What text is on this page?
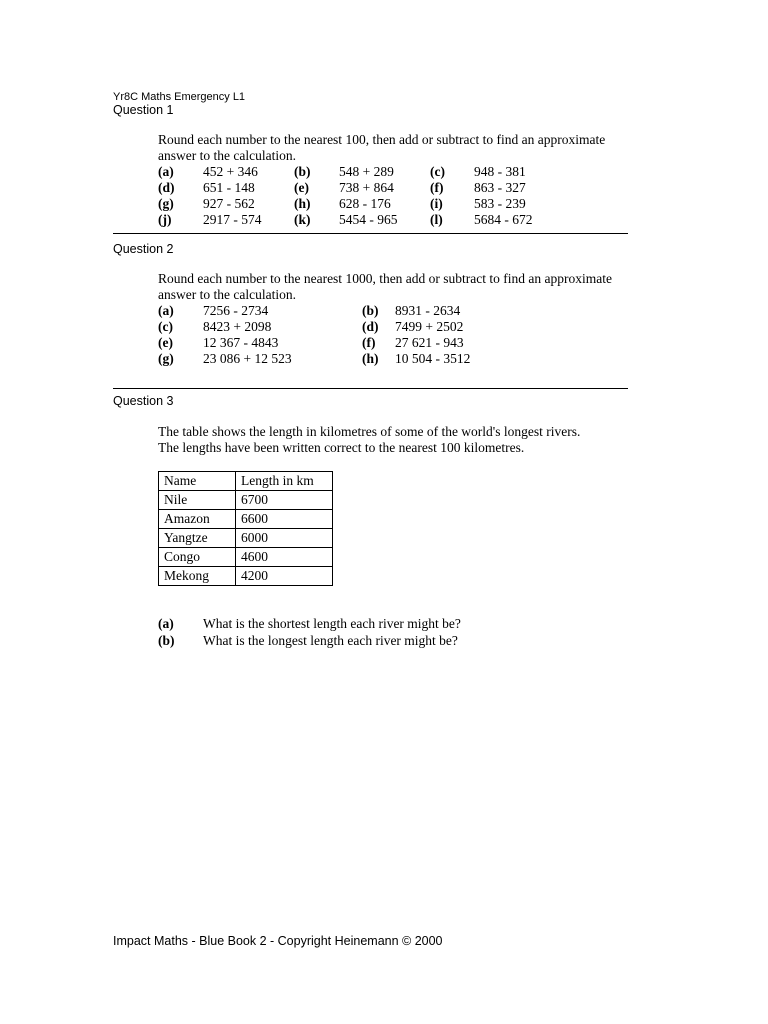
Yr8C Maths Emergency L1
Question 1
Round each number to the nearest 100, then add or subtract to find an approximate
answer to the calculation.
(a) 452 + 346	(b) 548 + 289	(c) 948 - 381
(d) 651 - 148	(e) 738 + 864	(f) 863 - 327
(g) 927 - 562	(h) 628 - 176	(i) 583 - 239
(j) 2917 - 574 (k) 5454 - 965 (l) 5684 - 672
Question 2
Round each number to the nearest 1000, then add or subtract to find an approximate
answer to the calculation.
(a) 7256 - 2734	(b) 8931 - 2634
(c) 8423 + 2098	(d) 7499 + 2502
(e) 12 367 - 4843	(f) 27 621 - 943
(g) 23 086 + 12 523	(h) 10 504 - 3512
Question 3
The table shows the length in kilometres of some of the world's longest rivers.
The lengths have been written correct to the nearest 100 kilometres.
Name	Length in km
Nile	6700
Amazon	6600
Yangtze	6000
Congo	4600
Mekong	4200
(a) What is the shortest length each river might be?
(b) What is the longest length each river might be?
Impact Maths - Blue Book 2 - Copyright Heinemann © 2000
